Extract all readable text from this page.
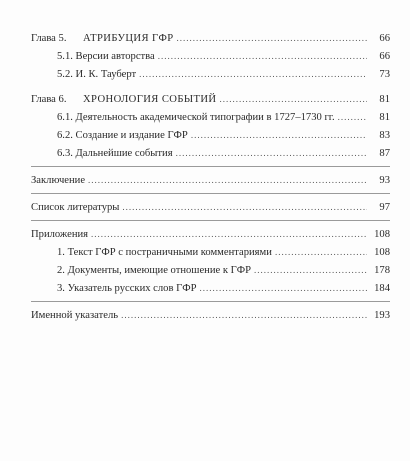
Глава 5.	АТРИБУЦИЯ ГФР .....	66
5.1. Версии авторства .....	66
5.2. И. К. Тауберт .....	73
Глава 6.	ХРОНОЛОГИЯ СОБЫТИЙ .....	81
6.1. Деятельность академической типографии в 1727–1730 гг. .....	81
6.2. Создание и издание ГФР .....	83
6.3. Дальнейшие события .....	87
Заключение .....	93
Список литературы .....	97
Приложения .....	108
1. Текст ГФР с постраничными комментариями .....	108
2. Документы, имеющие отношение к ГФР .....	178
3. Указатель русских слов ГФР .....	184
Именной указатель .....	193
